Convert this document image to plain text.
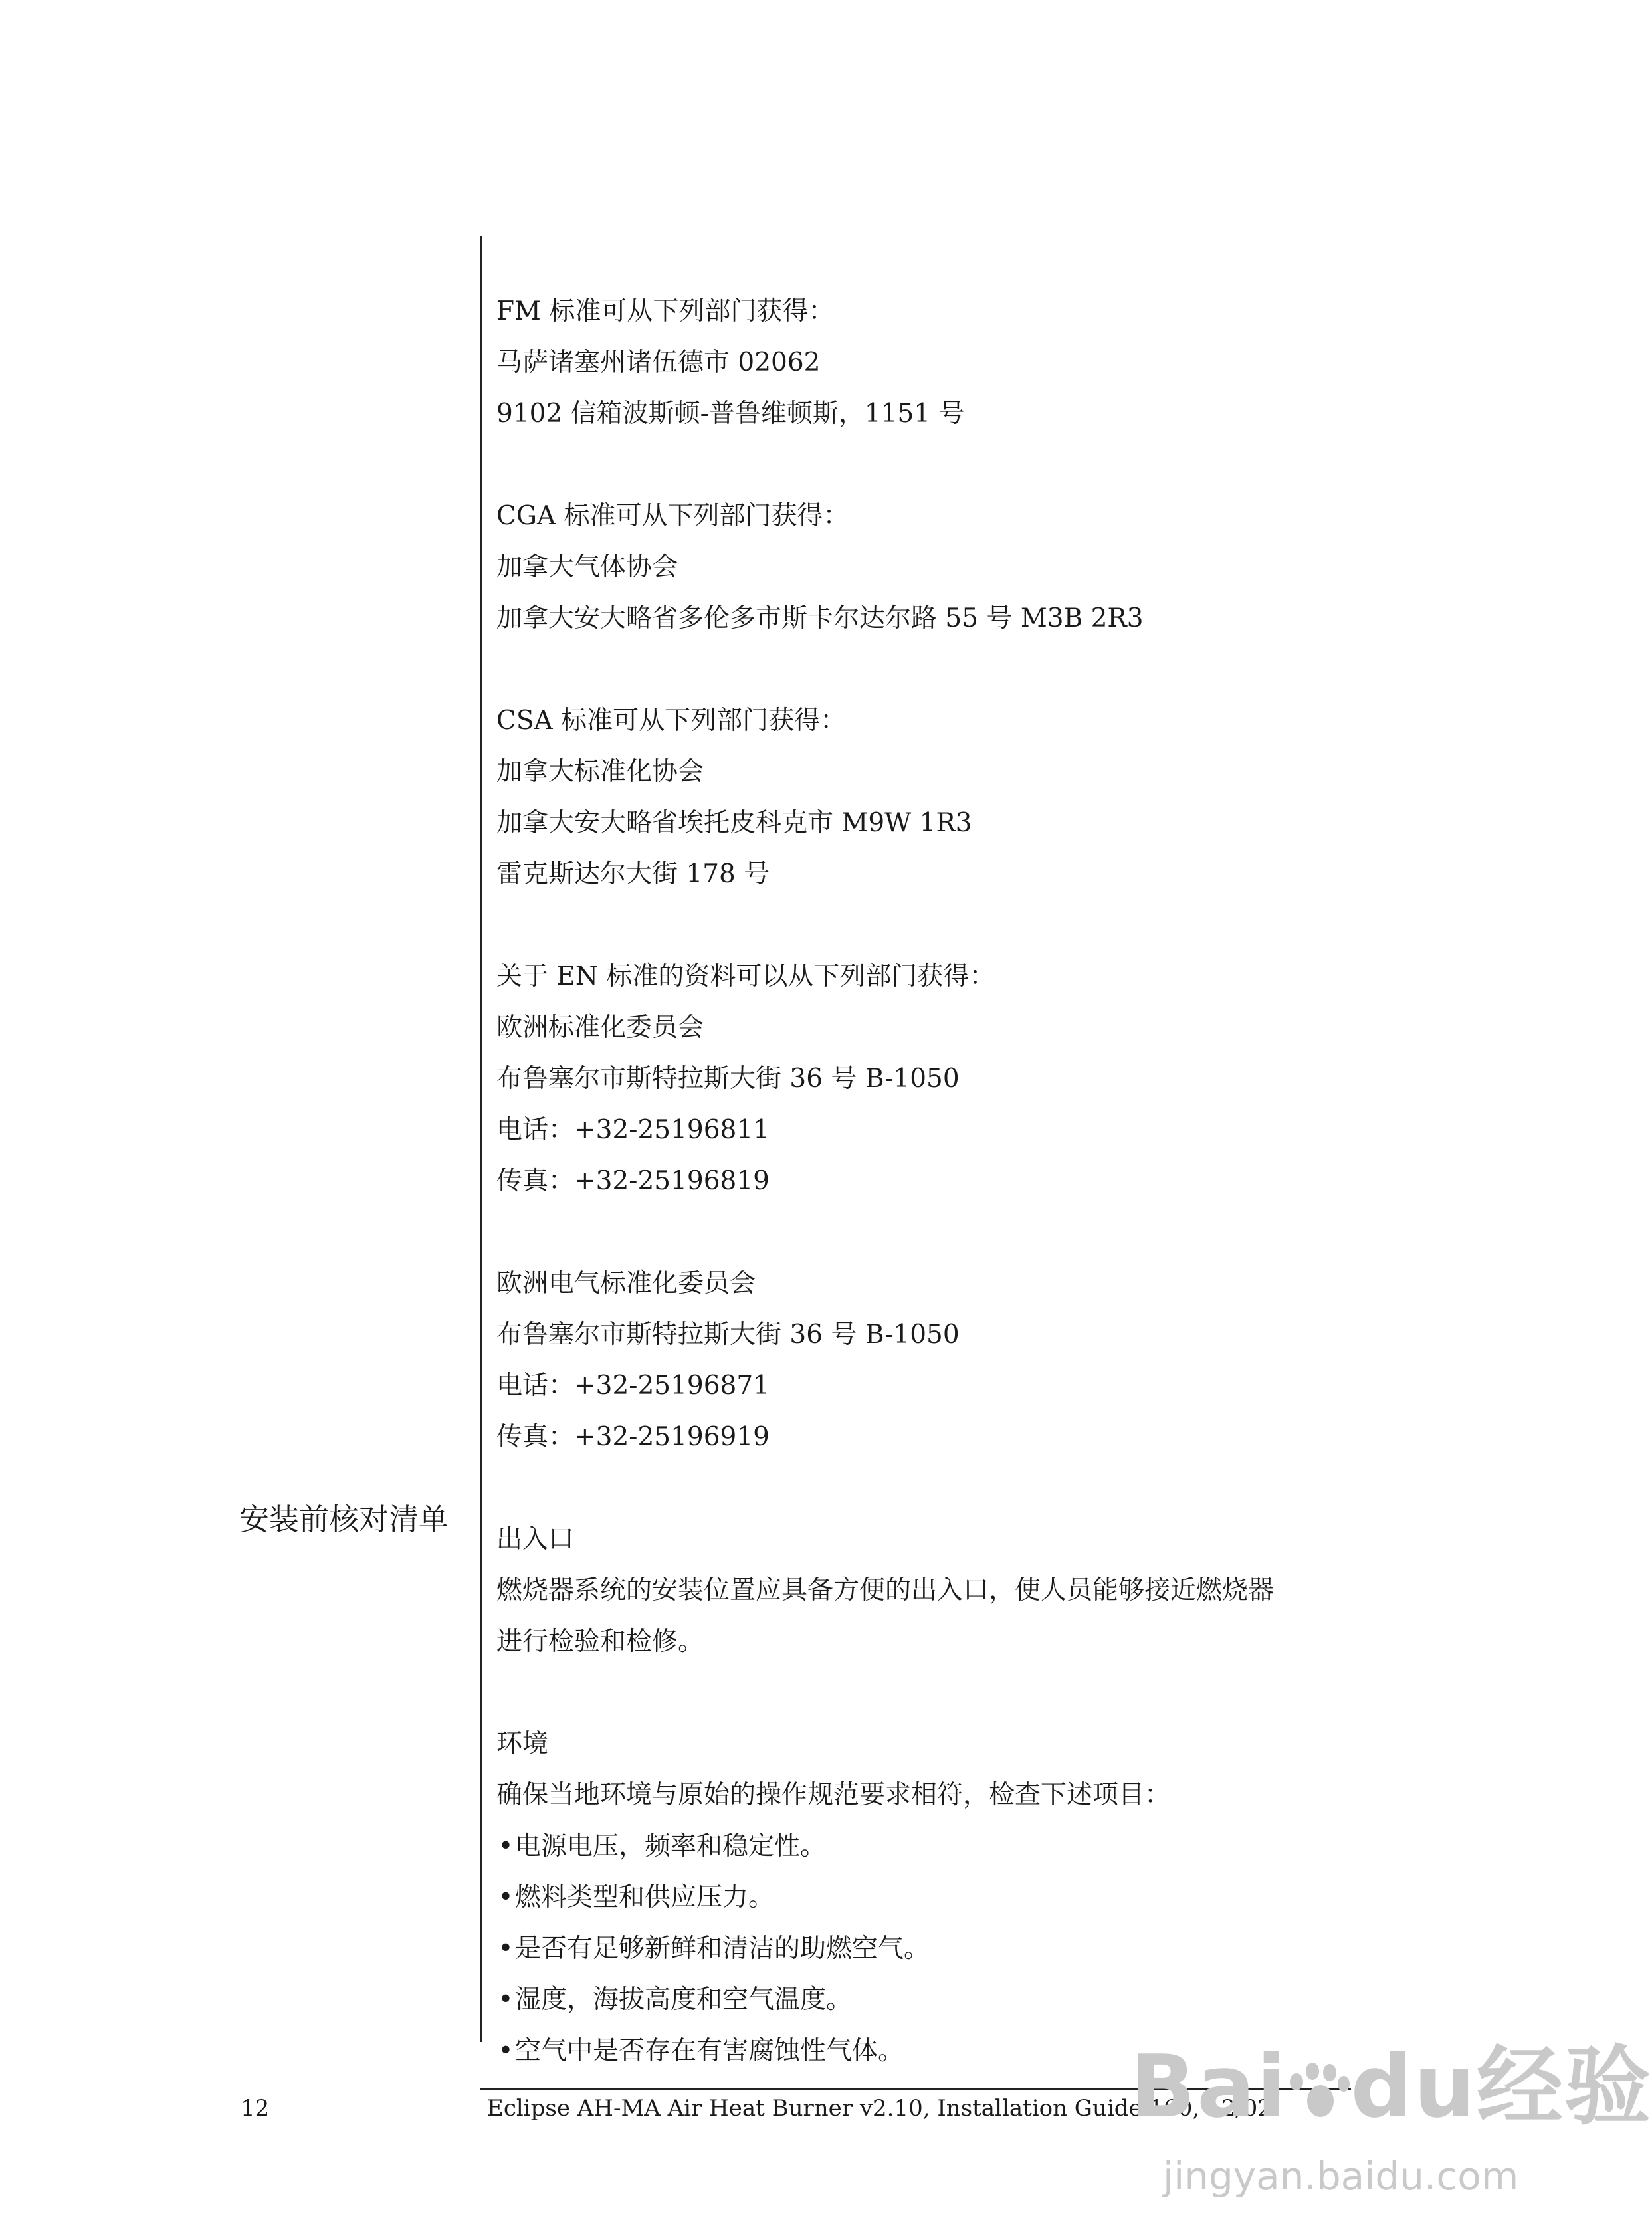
FM 标准可从下列部门获得：
马萨诸塞州诸伍德市 02062
9102 信箱波斯顿-普鲁维顿斯，1151 号
CGA 标准可从下列部门获得：
加拿大气体协会
加拿大安大略省多伦多市斯卡尔达尔路 55 号 M3B 2R3
CSA 标准可从下列部门获得：
加拿大标准化协会
加拿大安大略省埃托皮科克市 M9W 1R3
雷克斯达尔大街 178 号
关于 EN 标准的资料可以从下列部门获得：
欧洲标准化委员会
布鲁塞尔市斯特拉斯大街 36 号 B-1050
电话：+32-25196811
传真：+32-25196819
欧洲电气标准化委员会
布鲁塞尔市斯特拉斯大街 36 号 B-1050
电话：+32-25196871
传真：+32-25196919
出入口
燃烧器系统的安装位置应具备方便的出入口，使人员能够接近燃烧器
进行检验和检修。
环境
确保当地环境与原始的操作规范要求相符，检查下述项目：
•电源电压，频率和稳定性。
•燃料类型和供应压力。
•是否有足够新鲜和清洁的助燃空气。
•湿度，海拔高度和空气温度。
•空气中是否存在有害腐蚀性气体。
安装前核对清单
12	Eclipse AH-MA Air Heat Burner v2.10, Installation Guide 160, 12/02
Bai du经验
jingyan.baidu.com
